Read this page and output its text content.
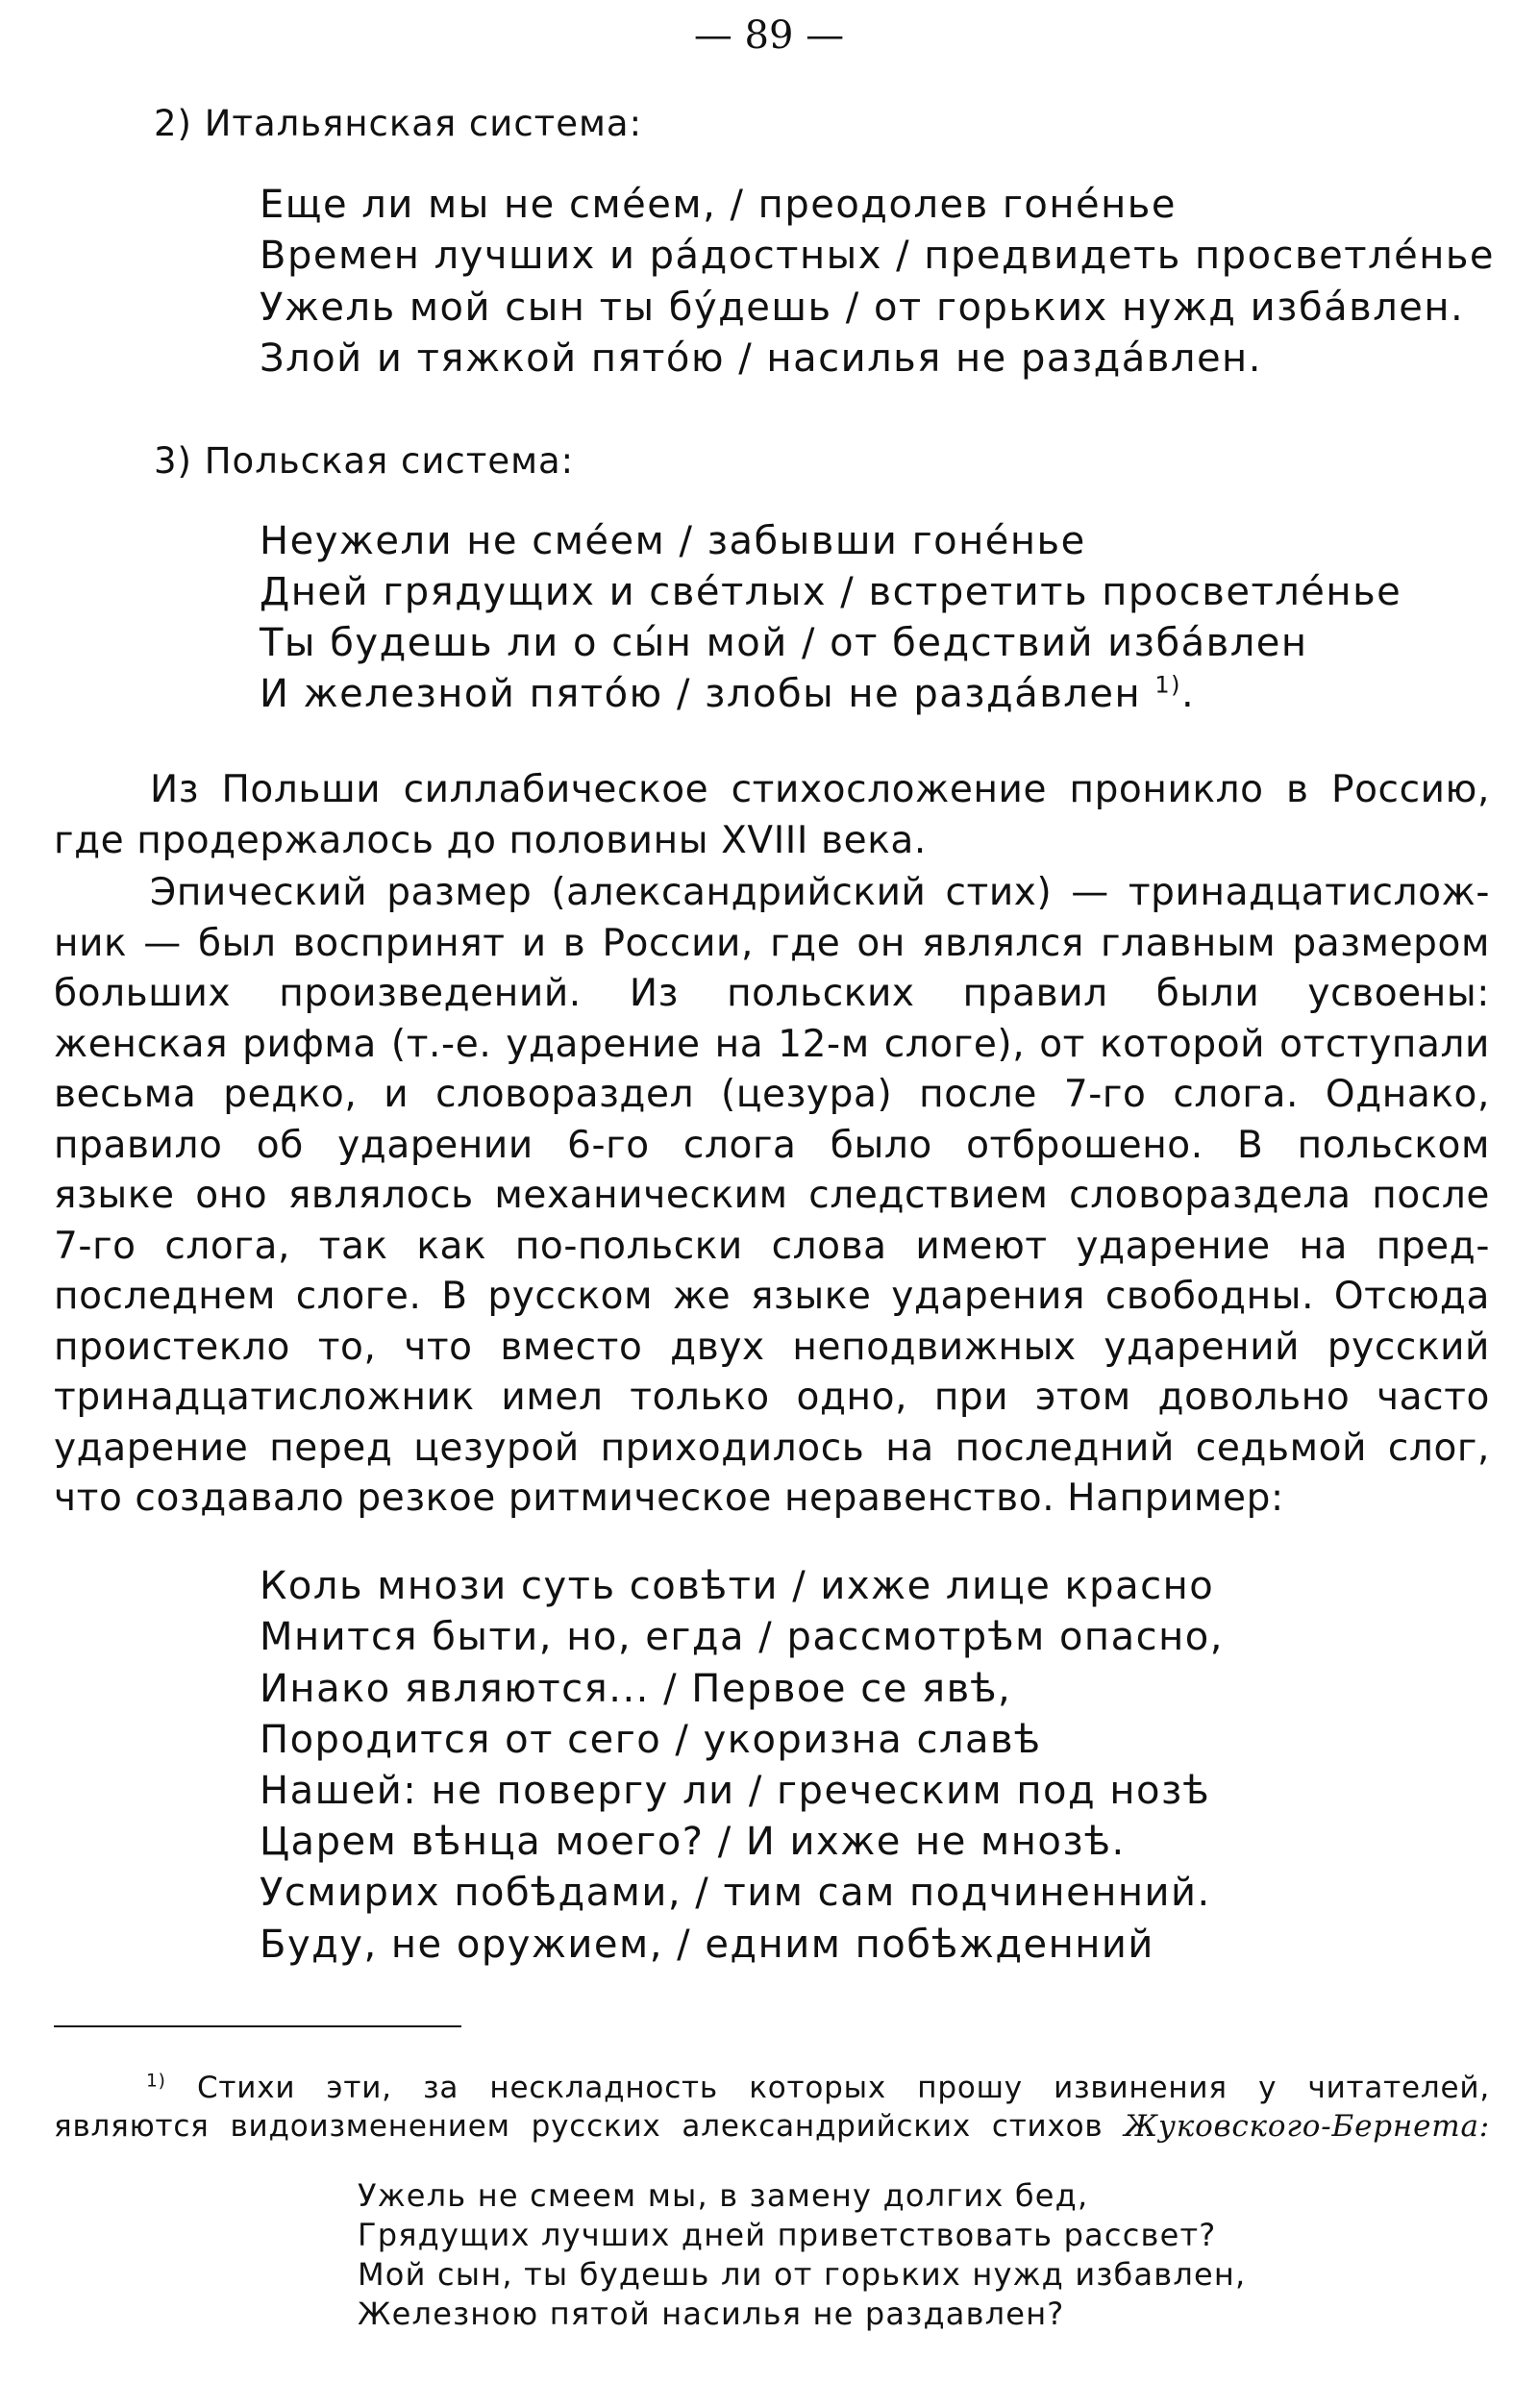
— 89 —
2) Итальянская система:
Еще ли мы не смéем, / преодолев гонéнье
Времен лучших и рáдостных / предвидеть просветлéнье
Ужель мой сын ты бýдешь / от горьких нужд избáвлен.
Злой и тяжкой пятóю / насилья не раздáвлен.
3) Польская система:
Неужели не смéем / забывши гонéнье
Дней грядущих и свéтлых / встретить просветлéнье
Ты будешь ли о сы́н мой / от бедствий избáвлен
И железной пятóю / злобы не раздáвлен $^{1)}$.
Из Польши силлабическое стихосложение проникло в Россию,
где продержалось до половины XVIII века.
Эпический размер (александрийский стих) — тринадцатислож-
ник — был воспринят и в России, где он являлся главным размером
больших произведений. Из польских правил были усвоены:
женская рифма (т.-е. ударение на 12-м слоге), от которой отступали
весьма редко, и словораздел (цезура) после 7-го слога. Однако,
правило об ударении 6-го слога было отброшено. В польском
языке оно являлось механическим следствием словораздела после
7-го слога, так как по-польски слова имеют ударение на пред-
последнем слоге. В русском же языке ударения свободны. Отсюда
проистекло то, что вместо двух неподвижных ударений русский
тринадцатисложник имел только одно, при этом довольно часто
ударение перед цезурой приходилось на последний седьмой слог,
что создавало резкое ритмическое неравенство. Например:
Коль мнози суть совѣти / ихже лице красно
Мнится быти, но, егда / рассмотрѣм опасно,
Инако являются... / Первое се явѣ,
Породится от сего / укоризна славѣ
Нашей: не повергу ли / греческим под нозѣ
Царем вѣнца моего? / И ихже не мнозѣ.
Усмирих побѣдами, / тим сам подчиненний.
Буду, не оружием, / едним побѣжденний
$^{1)}$ Стихи эти, за нескладность которых прошу извинения у читателей,
являются видоизменением русских александрийских стихов Жуковского-Бернета:
Ужель не смеем мы, в замену долгих бед,
Грядущих лучших дней приветствовать рассвет?
Мой сын, ты будешь ли от горьких нужд избавлен,
Железною пятой насилья не раздавлен?
